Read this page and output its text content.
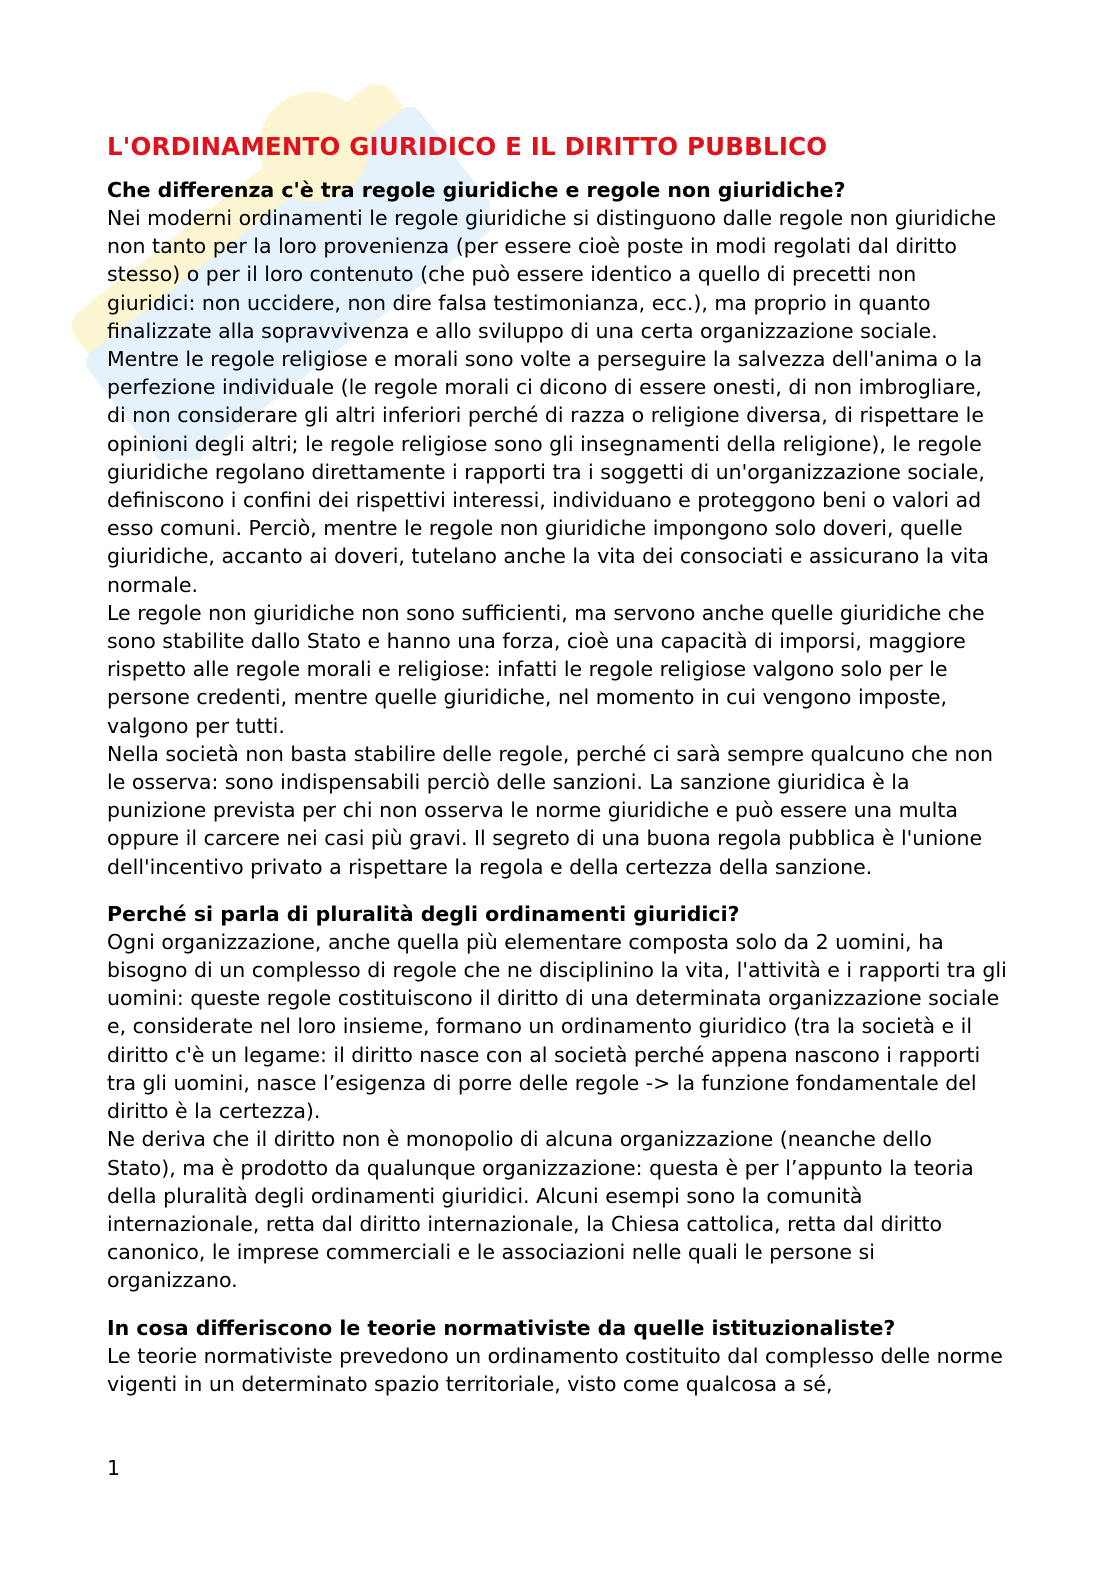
L'ORDINAMENTO GIURIDICO E IL DIRITTO PUBBLICO

Che differenza c'è tra regole giuridiche e regole non giuridiche?

Nei moderni ordinamenti le regole giuridiche si distinguono dalle regole non giuridiche non tanto per la loro provenienza (per essere cioè poste in modi regolati dal diritto stesso) o per il loro contenuto (che può essere identico a quello di precetti non giuridici: non uccidere, non dire falsa testimonianza, ecc.), ma proprio in quanto finalizzate alla sopravvivenza e allo sviluppo di una certa organizzazione sociale. Mentre le regole religiose e morali sono volte a perseguire la salvezza dell'anima o la perfezione individuale (le regole morali ci dicono di essere onesti, di non imbrogliare, di non considerare gli altri inferiori perché di razza o religione diversa, di rispettare le opinioni degli altri; le regole religiose sono gli insegnamenti della religione), le regole giuridiche regolano direttamente i rapporti tra i soggetti di un'organizzazione sociale, definiscono i confini dei rispettivi interessi, individuano e proteggono beni o valori ad esso comuni. Perciò, mentre le regole non giuridiche impongono solo doveri, quelle giuridiche, accanto ai doveri, tutelano anche la vita dei consociati e assicurano la vita normale.

Le regole non giuridiche non sono sufficienti, ma servono anche quelle giuridiche che sono stabilite dallo Stato e hanno una forza, cioè una capacità di imporsi, maggiore rispetto alle regole morali e religiose: infatti le regole religiose valgono solo per le persone credenti, mentre quelle giuridiche, nel momento in cui vengono imposte, valgono per tutti.

Nella società non basta stabilire delle regole, perché ci sarà sempre qualcuno che non le osserva: sono indispensabili perciò delle sanzioni. La sanzione giuridica è la punizione prevista per chi non osserva le norme giuridiche e può essere una multa oppure il carcere nei casi più gravi. Il segreto di una buona regola pubblica è l'unione dell'incentivo privato a rispettare la regola e della certezza della sanzione.

Perché si parla di pluralità degli ordinamenti giuridici?

Ogni organizzazione, anche quella più elementare composta solo da 2 uomini, ha bisogno di un complesso di regole che ne disciplinino la vita, l'attività e i rapporti tra gli uomini: queste regole costituiscono il diritto di una determinata organizzazione sociale e, considerate nel loro insieme, formano un ordinamento giuridico (tra la società e il diritto c'è un legame: il diritto nasce con al società perché appena nascono i rapporti tra gli uomini, nasce l’esigenza di porre delle regole -> la funzione fondamentale del diritto è la certezza).

Ne deriva che il diritto non è monopolio di alcuna organizzazione (neanche dello Stato), ma è prodotto da qualunque organizzazione: questa è per l’appunto la teoria della pluralità degli ordinamenti giuridici. Alcuni esempi sono la comunità internazionale, retta dal diritto internazionale, la Chiesa cattolica, retta dal diritto canonico, le imprese commerciali e le associazioni nelle quali le persone si organizzano.

In cosa differiscono le teorie normativiste da quelle istituzionaliste?

Le teorie normativiste prevedono un ordinamento costituito dal complesso delle norme vigenti in un determinato spazio territoriale, visto come qualcosa a sé,

1
